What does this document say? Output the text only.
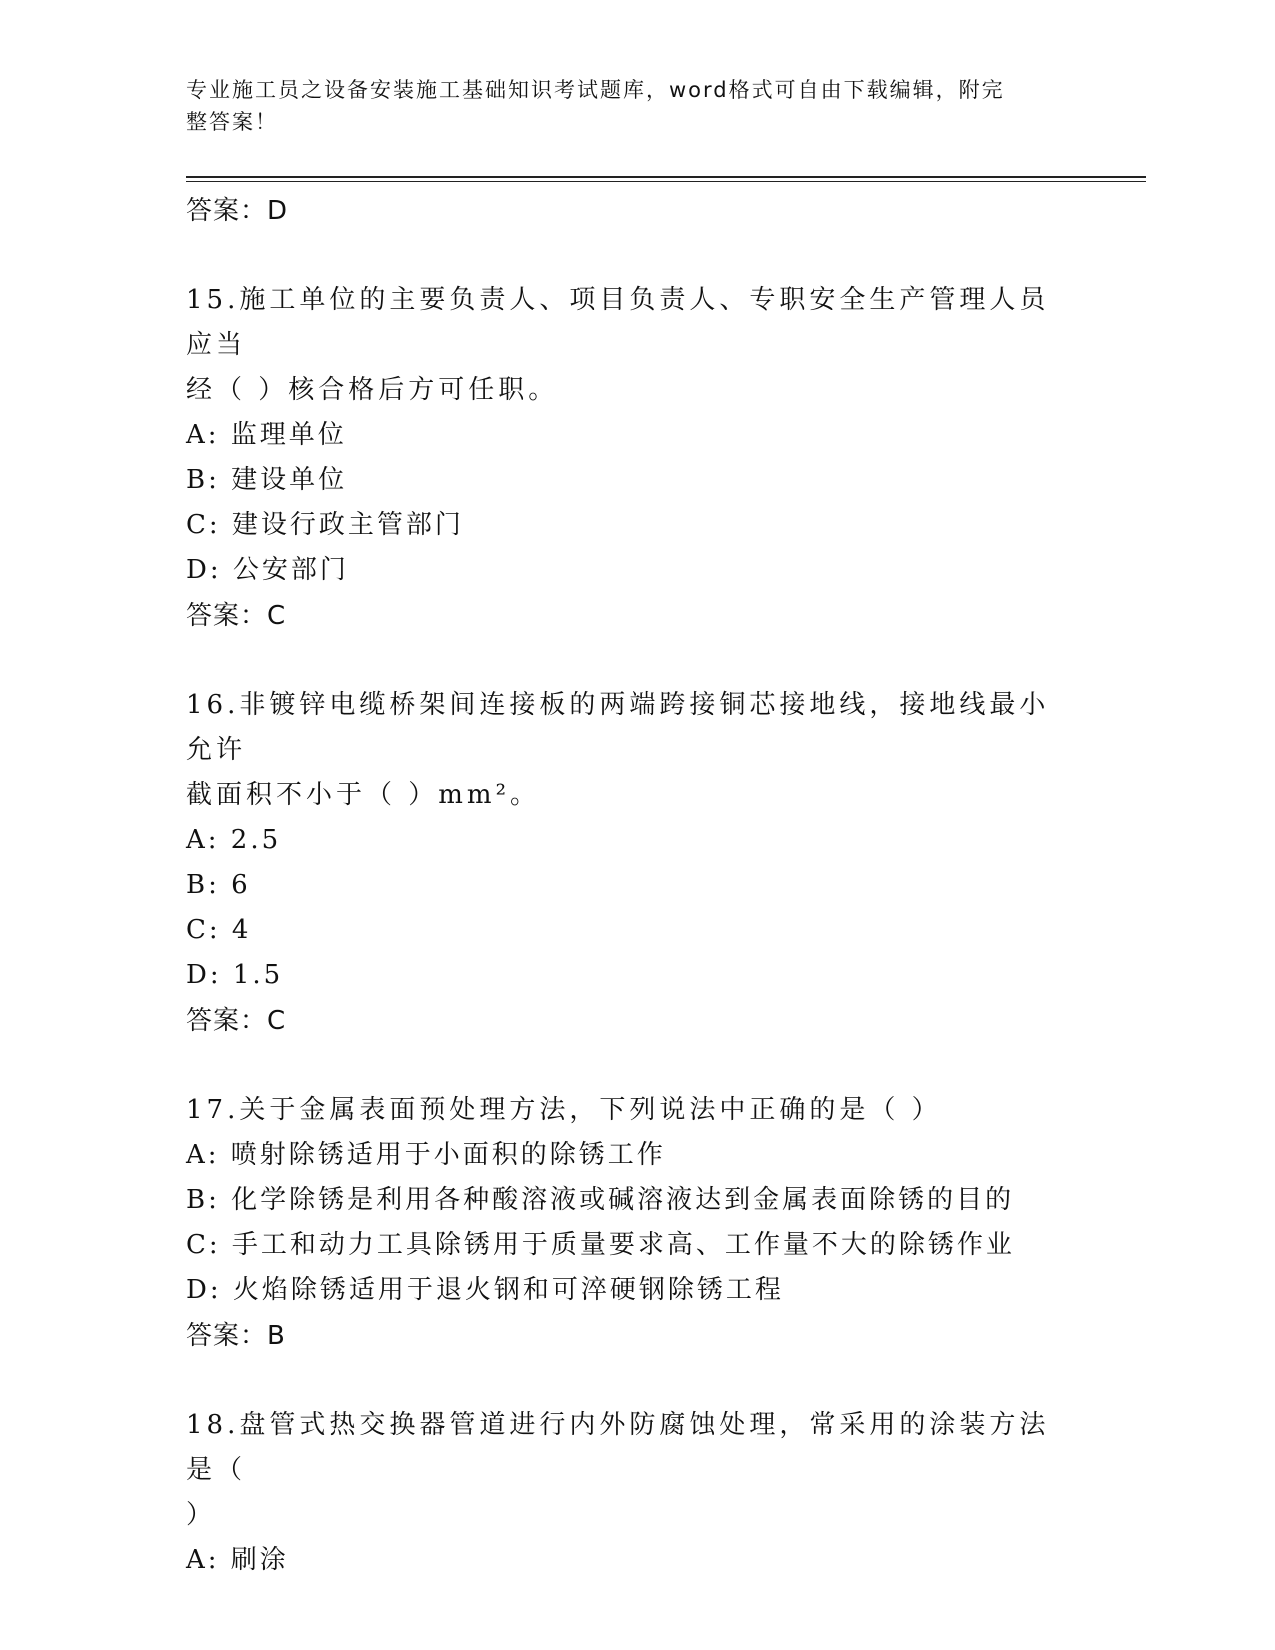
专业施工员之设备安装施工基础知识考试题库，word格式可自由下载编辑，附完
整答案！

答案：D

15.施工单位的主要负责人、项目负责人、专职安全生产管理人员应当

经（ ）核合格后方可任职。

A: 监理单位

B: 建设单位

C: 建设行政主管部门

D: 公安部门

答案：C

16.非镀锌电缆桥架间连接板的两端跨接铜芯接地线，接地线最小允许

截面积不小于（ ）mm²。

A: 2.5

B: 6

C: 4

D: 1.5

答案：C

17.关于金属表面预处理方法，下列说法中正确的是（ ）

A: 喷射除锈适用于小面积的除锈工作

B: 化学除锈是利用各种酸溶液或碱溶液达到金属表面除锈的目的

C: 手工和动力工具除锈用于质量要求高、工作量不大的除锈作业

D: 火焰除锈适用于退火钢和可淬硬钢除锈工程

答案：B

18.盘管式热交换器管道进行内外防腐蚀处理，常采用的涂装方法是（

）

A: 刷涂
